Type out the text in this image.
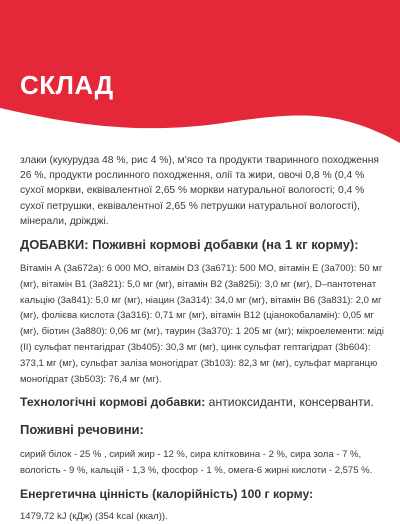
СКЛАД

злаки (кукурудза 48 %, рис 4 %), м'ясо та продукти тваринного походження 26 %, продукти рослинного походження, олії та жири, овочі 0,8 % (0,4 % сухої моркви, еквівалентної 2,65 % моркви натуральної вологості; 0,4 % сухої петрушки, еквівалентної 2,65 % петрушки натуральної вологості), мінерали, дріжджі.

ДОБАВКИ: Поживні кормові добавки (на 1 кг корму):

Вітамін А (3а672а): 6 000 МО, вітамін D3 (3а671): 500 МО, вітамін Е (3а700): 50 мг (мг), вітамін В1 (3а821): 5,0 мг (мг), вітамін В2 (3а825і): 3,0 мг (мг), D–пантотенат кальцію (3а841): 5,0 мг (мг), ніацин (3а314): 34,0 мг (мг), вітамін В6 (3а831): 2,0 мг (мг), фолієва кислота (3а316): 0,71 мг (мг), вітамін В12 (ціанокобаламін): 0,05 мг (мг), біотин (3а880): 0,06 мг (мг), таурин (3а370): 1 205 мг (мг); мікроелементи: міді (II) сульфат пентагідрат (3b405): 30,3 мг (мг), цинк сульфат гептагідрат (3b604): 373,1 мг (мг), сульфат заліза моногідрат (3b103): 82,3 мг (мг), сульфат марганцю моногідрат (3b503): 76,4 мг (мг).

Технологічні кормові добавки: антиоксиданти, консерванти.

Поживні речовини:

сирий білок - 25 % , сирий жир - 12 %, сира клітковина - 2 %, сира зола - 7 %, вологість - 9 %, кальцій - 1,3 %, фосфор - 1 %, омега-6 жирні кислоти - 2,575 %.

Енергетична цінність (калорійність) 100 г корму:

1479,72 kJ (кДж) (354 kcal (ккал)).
